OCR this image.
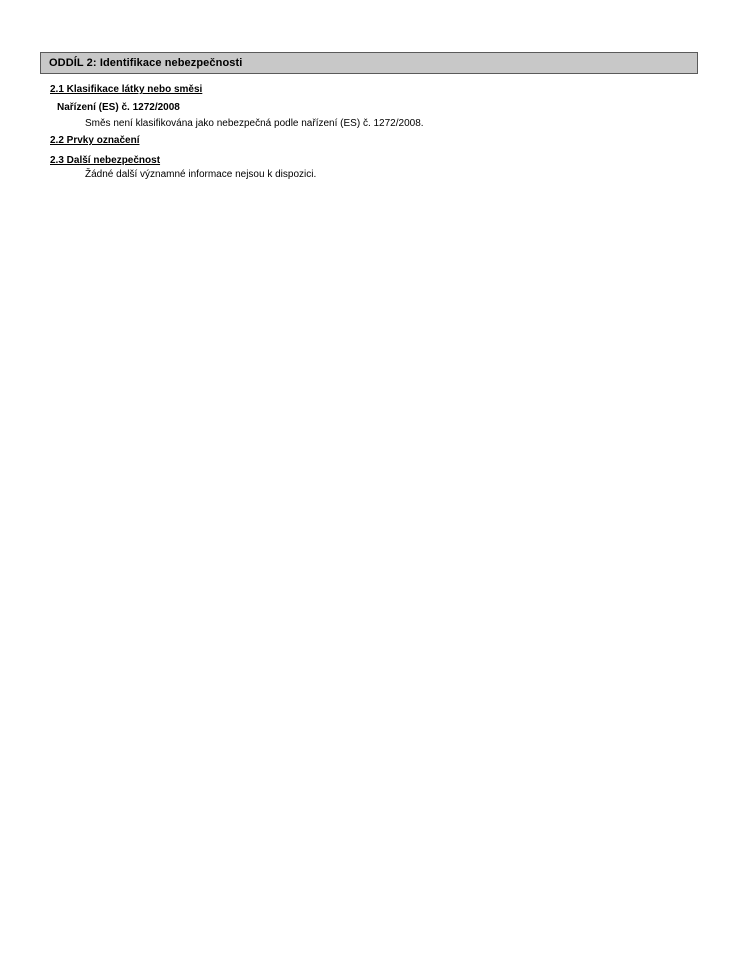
ODDÍL 2: Identifikace nebezpečnosti
2.1 Klasifikace látky nebo směsi
Nařízení (ES) č. 1272/2008
Směs není klasifikována jako nebezpečná podle nařízení (ES) č. 1272/2008.
2.2 Prvky označení
2.3 Další nebezpečnost
Žádné další významné informace nejsou k dispozici.
